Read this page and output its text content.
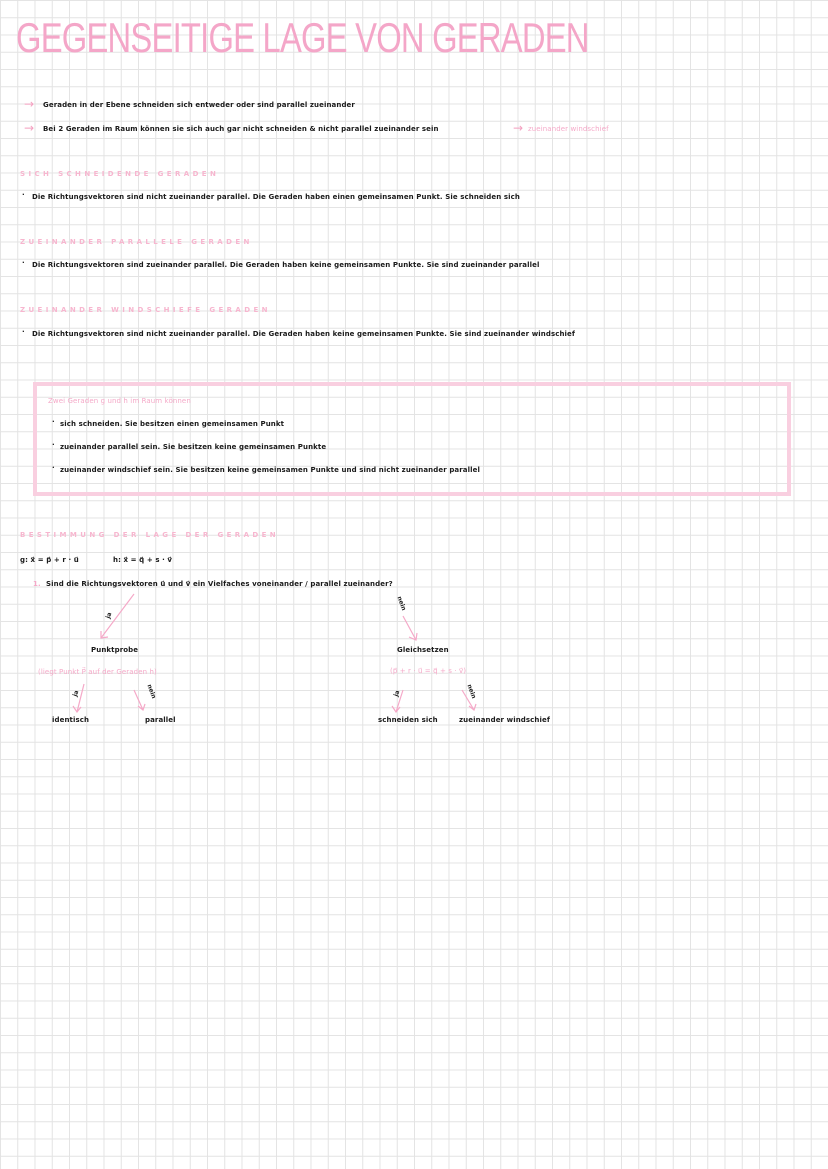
GEGENSEITIGE LAGE VON GERADEN
→ Geraden in der Ebene schneiden sich entweder oder sind parallel zueinander
→ Bei 2 Geraden im Raum können sie sich auch gar nicht schneiden & nicht parallel zueinander sein	→ zueinander windschief
SICH SCHNEIDENDE GERADEN
· Die Richtungsvektoren sind nicht zueinander parallel. Die Geraden haben einen gemeinsamen Punkt. Sie schneiden sich
ZUEINANDER PARALLELE GERADEN
· Die Richtungsvektoren sind zueinander parallel. Die Geraden haben keine gemeinsamen Punkte. Sie sind zueinander parallel
ZUEINANDER WINDSCHIEFE GERADEN
· Die Richtungsvektoren sind nicht zueinander parallel. Die Geraden haben keine gemeinsamen Punkte. Sie sind zueinander windschief
Zwei Geraden g und h im Raum können
· sich schneiden. Sie besitzen einen gemeinsamen Punkt
· zueinander parallel sein. Sie besitzen keine gemeinsamen Punkte
· zueinander windschief sein. Sie besitzen keine gemeinsamen Punkte und sind nicht zueinander parallel
BESTIMMUNG DER LAGE DER GERADEN
g: x⃗ = p⃗ + r · u⃗	h: x⃗ = q⃗ + s · v⃗
1. Sind die Richtungsvektoren u⃗ und v⃗ ein Vielfaches voneinander / parallel zueinander?
ja
nein
Punktprobe
(liegt Punkt P⃗ auf der Geraden h)
Gleichsetzen
(p⃗ + r · u⃗ = q⃗ + s · v⃗)
ja	nein	ja	nein
identisch	parallel	schneiden sich	zueinander windschief
